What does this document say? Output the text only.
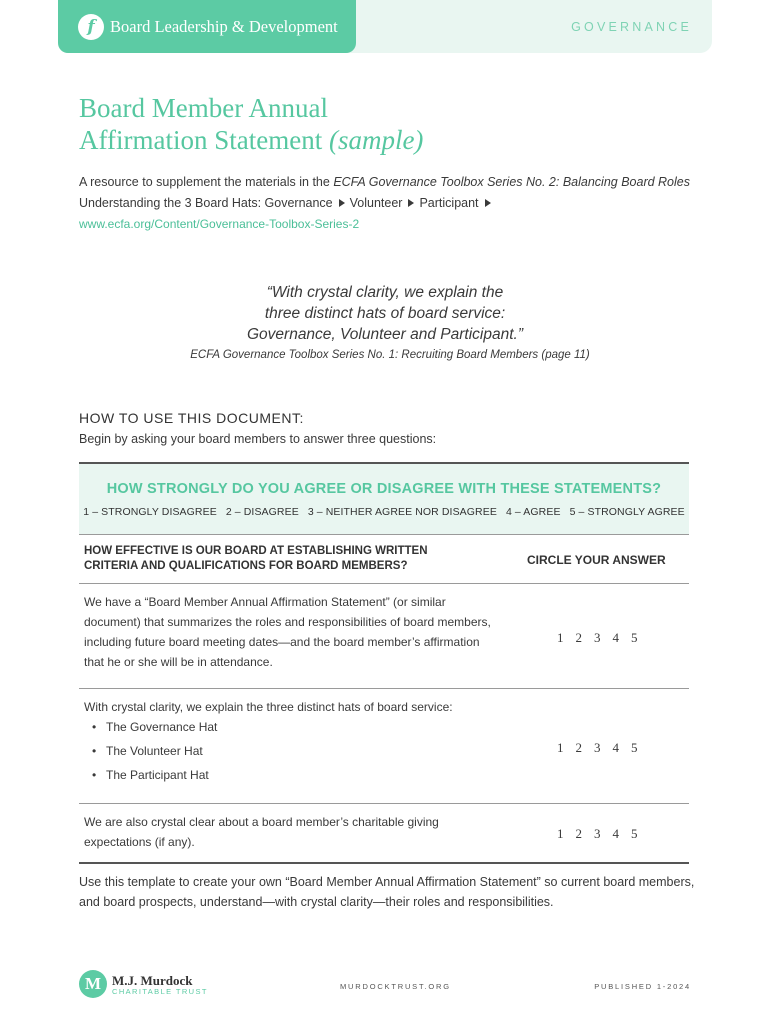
f Board Leadership & Development	GOVERNANCE
Board Member Annual
Affirmation Statement (sample)
A resource to supplement the materials in the ECFA Governance Toolbox Series No. 2: Balancing Board Roles
Understanding the 3 Board Hats: Governance Volunteer Participant
www.ecfa.org/Content/Governance-Toolbox-Series-2
“With crystal clarity, we explain the
three distinct hats of board service:
Governance, Volunteer and Participant.”
ECFA Governance Toolbox Series No. 1: Recruiting Board Members (page 11)
HOW TO USE THIS DOCUMENT:
Begin by asking your board members to answer three questions:
HOW STRONGLY DO YOU AGREE OR DISAGREE WITH THESE STATEMENTS?
1 – STRONGLY DISAGREE 2 – DISAGREE 3 – NEITHER AGREE NOR DISAGREE 4 – AGREE 5 – STRONGLY AGREE
HOW EFFECTIVE IS OUR BOARD AT ESTABLISHING WRITTEN
CRITERIA AND QUALIFICATIONS FOR BOARD MEMBERS?	CIRCLE YOUR ANSWER
We have a “Board Member Annual Affirmation Statement” (or similar
document) that summarizes the roles and responsibilities of board members,
including future board meeting dates—and the board member’s affirmation
that he or she will be in attendance.
1 2 3 4 5
With crystal clarity, we explain the three distinct hats of board service:
• The Governance Hat
• The Volunteer Hat
• The Participant Hat
1 2 3 4 5
We are also crystal clear about a board member’s charitable giving
expectations (if any).
1 2 3 4 5
Use this template to create your own “Board Member Annual Affirmation Statement” so current board members,
and board prospects, understand—with crystal clarity—their roles and responsibilities.
M M.J. Murdock
CHARITABLE TRUST
MURDOCKTRUST.ORG	PUBLISHED 1-2024
